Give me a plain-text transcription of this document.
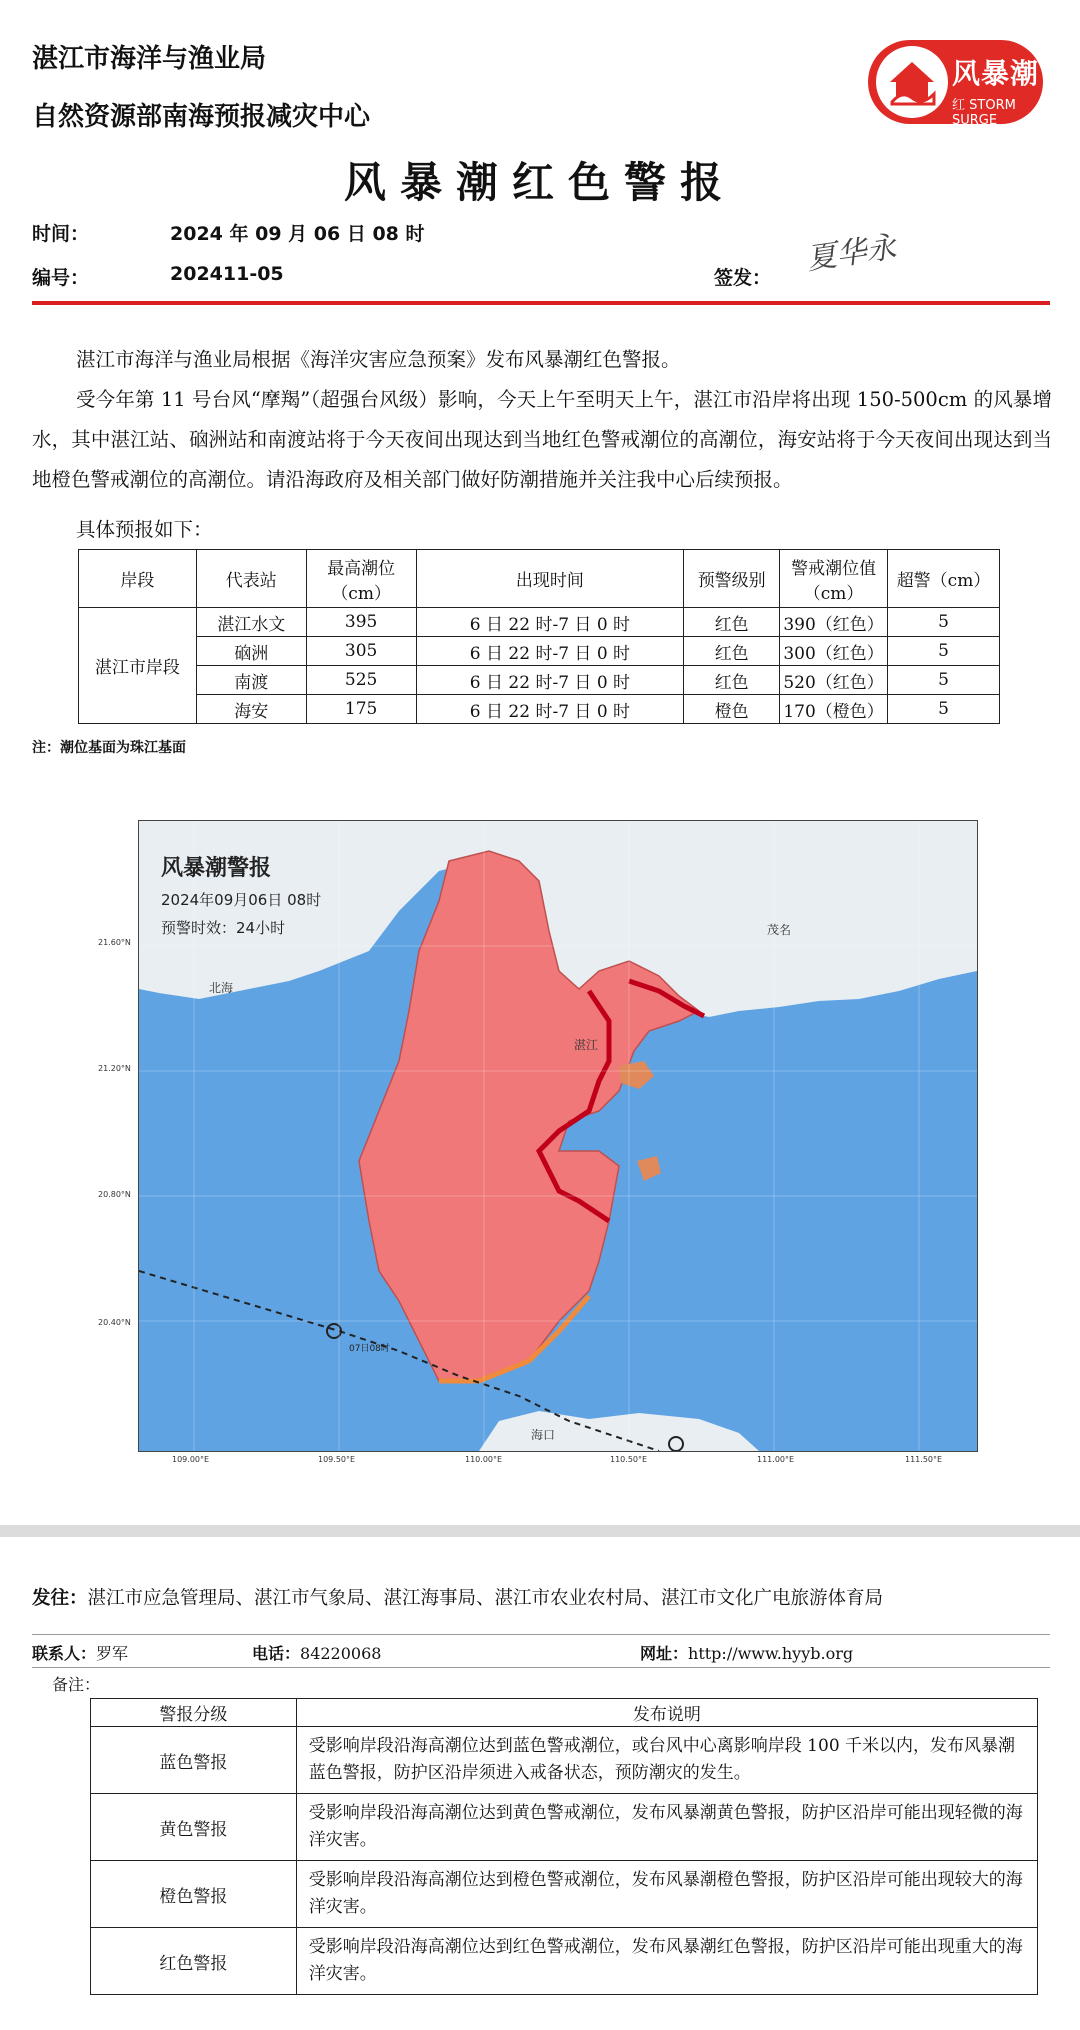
湛江市海洋与渔业局
自然资源部南海预报减灾中心
风暴潮
红 STORM SURGE
风暴潮红色警报
时间：	2024 年 09 月 06 日 08 时
编号：	202411-05	签发：
夏华永
湛江市海洋与渔业局根据《海洋灾害应急预案》发布风暴潮红色警报。
受今年第 11 号台风“摩羯”（超强台风级）影响，今天上午至明天上午，湛江市沿岸将出现 150-500cm 的风暴增水，其中湛江站、硇洲站和南渡站将于今天夜间出现达到当地红色警戒潮位的高潮位，海安站将于今天夜间出现达到当地橙色警戒潮位的高潮位。请沿海政府及相关部门做好防潮措施并关注我中心后续预报。
具体预报如下：
岸段	代表站	最高潮位（cm）	出现时间	预警级别	警戒潮位值（cm）	超警（cm）
湛江市岸段	湛江水文	395	6 日 22 时-7 日 0 时	红色	390（红色）	5
	硇洲	305	6 日 22 时-7 日 0 时	红色	300（红色）	5
	南渡	525	6 日 22 时-7 日 0 时	红色	520（红色）	5
	海安	175	6 日 22 时-7 日 0 时	橙色	170（橙色）	5
注：潮位基面为珠江基面
风暴潮警报
2024年09月06日 08时
预警时效：24小时
北海
茂名
湛江
海口
07日08时
21.60°N
21.20°N
20.80°N
20.40°N
109.00°E	109.50°E	110.00°E	110.50°E	111.00°E	111.50°E
发往：湛江市应急管理局、湛江市气象局、湛江海事局、湛江市农业农村局、湛江市文化广电旅游体育局
联系人：罗军	电话：84220068	网址：http://www.hyyb.org
备注：
警报分级	发布说明
蓝色警报	受影响岸段沿海高潮位达到蓝色警戒潮位，或台风中心离影响岸段 100 千米以内，发布风暴潮蓝色警报，防护区沿岸须进入戒备状态，预防潮灾的发生。
黄色警报	受影响岸段沿海高潮位达到黄色警戒潮位，发布风暴潮黄色警报，防护区沿岸可能出现轻微的海洋灾害。
橙色警报	受影响岸段沿海高潮位达到橙色警戒潮位，发布风暴潮橙色警报，防护区沿岸可能出现较大的海洋灾害。
红色警报	受影响岸段沿海高潮位达到红色警戒潮位，发布风暴潮红色警报，防护区沿岸可能出现重大的海洋灾害。
